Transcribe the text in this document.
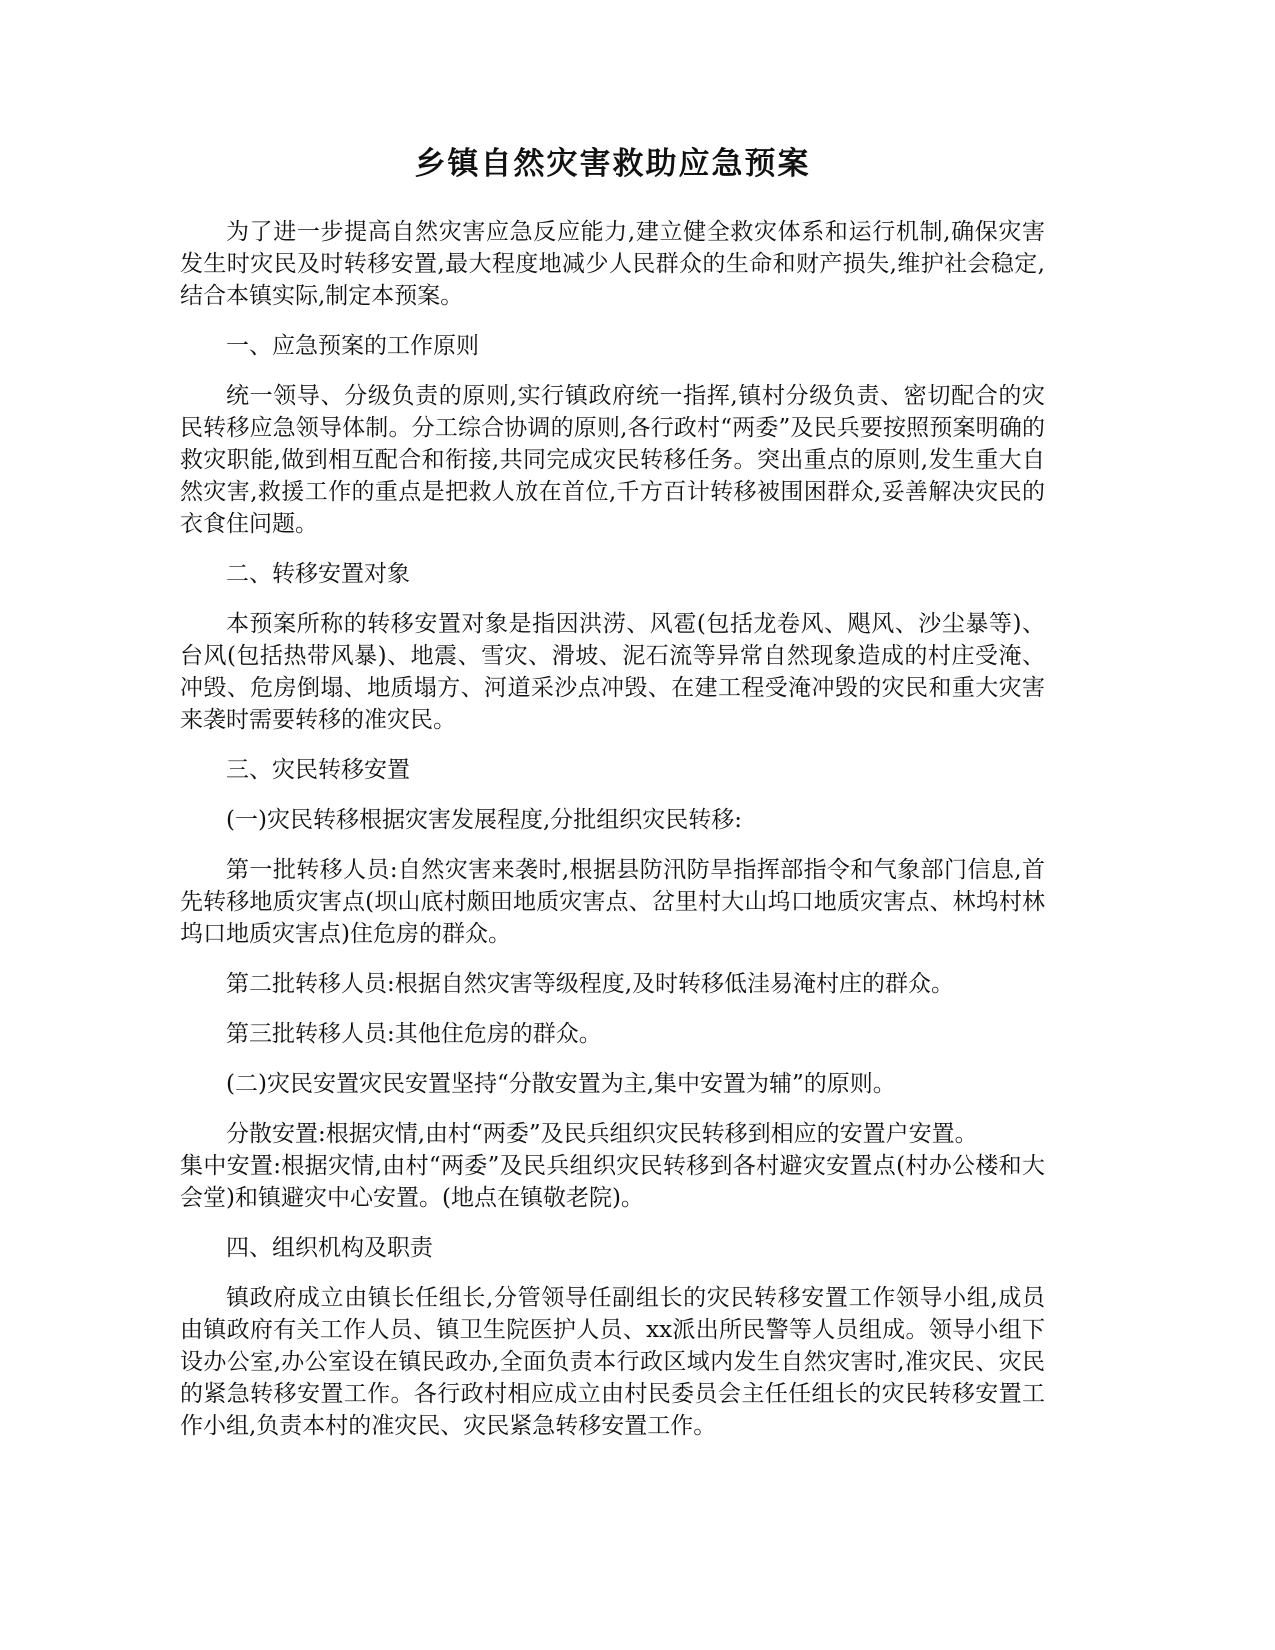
乡镇自然灾害救助应急预案

为了进一步提高自然灾害应急反应能力,建立健全救灾体系和运行机制,确保灾害发生时灾民及时转移安置,最大程度地减少人民群众的生命和财产损失,维护社会稳定,结合本镇实际,制定本预案。

一、应急预案的工作原则

统一领导、分级负责的原则,实行镇政府统一指挥,镇村分级负责、密切配合的灾民转移应急领导体制。分工综合协调的原则,各行政村“两委”及民兵要按照预案明确的救灾职能,做到相互配合和衔接,共同完成灾民转移任务。突出重点的原则,发生重大自然灾害,救援工作的重点是把救人放在首位,千方百计转移被围困群众,妥善解决灾民的衣食住问题。

二、转移安置对象

本预案所称的转移安置对象是指因洪涝、风雹(包括龙卷风、飓风、沙尘暴等)、台风(包括热带风暴)、地震、雪灾、滑坡、泥石流等异常自然现象造成的村庄受淹、冲毁、危房倒塌、地质塌方、河道采沙点冲毁、在建工程受淹冲毁的灾民和重大灾害来袭时需要转移的准灾民。

三、灾民转移安置

(一)灾民转移根据灾害发展程度,分批组织灾民转移:

第一批转移人员:自然灾害来袭时,根据县防汛防旱指挥部指令和气象部门信息,首先转移地质灾害点(坝山底村颇田地质灾害点、岔里村大山坞口地质灾害点、林坞村林坞口地质灾害点)住危房的群众。

第二批转移人员:根据自然灾害等级程度,及时转移低洼易淹村庄的群众。

第三批转移人员:其他住危房的群众。

(二)灾民安置灾民安置坚持“分散安置为主,集中安置为辅”的原则。

分散安置:根据灾情,由村“两委”及民兵组织灾民转移到相应的安置户安置。
集中安置:根据灾情,由村“两委”及民兵组织灾民转移到各村避灾安置点(村办公楼和大会堂)和镇避灾中心安置。(地点在镇敬老院)。

四、组织机构及职责

镇政府成立由镇长任组长,分管领导任副组长的灾民转移安置工作领导小组,成员由镇政府有关工作人员、镇卫生院医护人员、xx派出所民警等人员组成。领导小组下设办公室,办公室设在镇民政办,全面负责本行政区域内发生自然灾害时,准灾民、灾民的紧急转移安置工作。各行政村相应成立由村民委员会主任任组长的灾民转移安置工作小组,负责本村的准灾民、灾民紧急转移安置工作。
